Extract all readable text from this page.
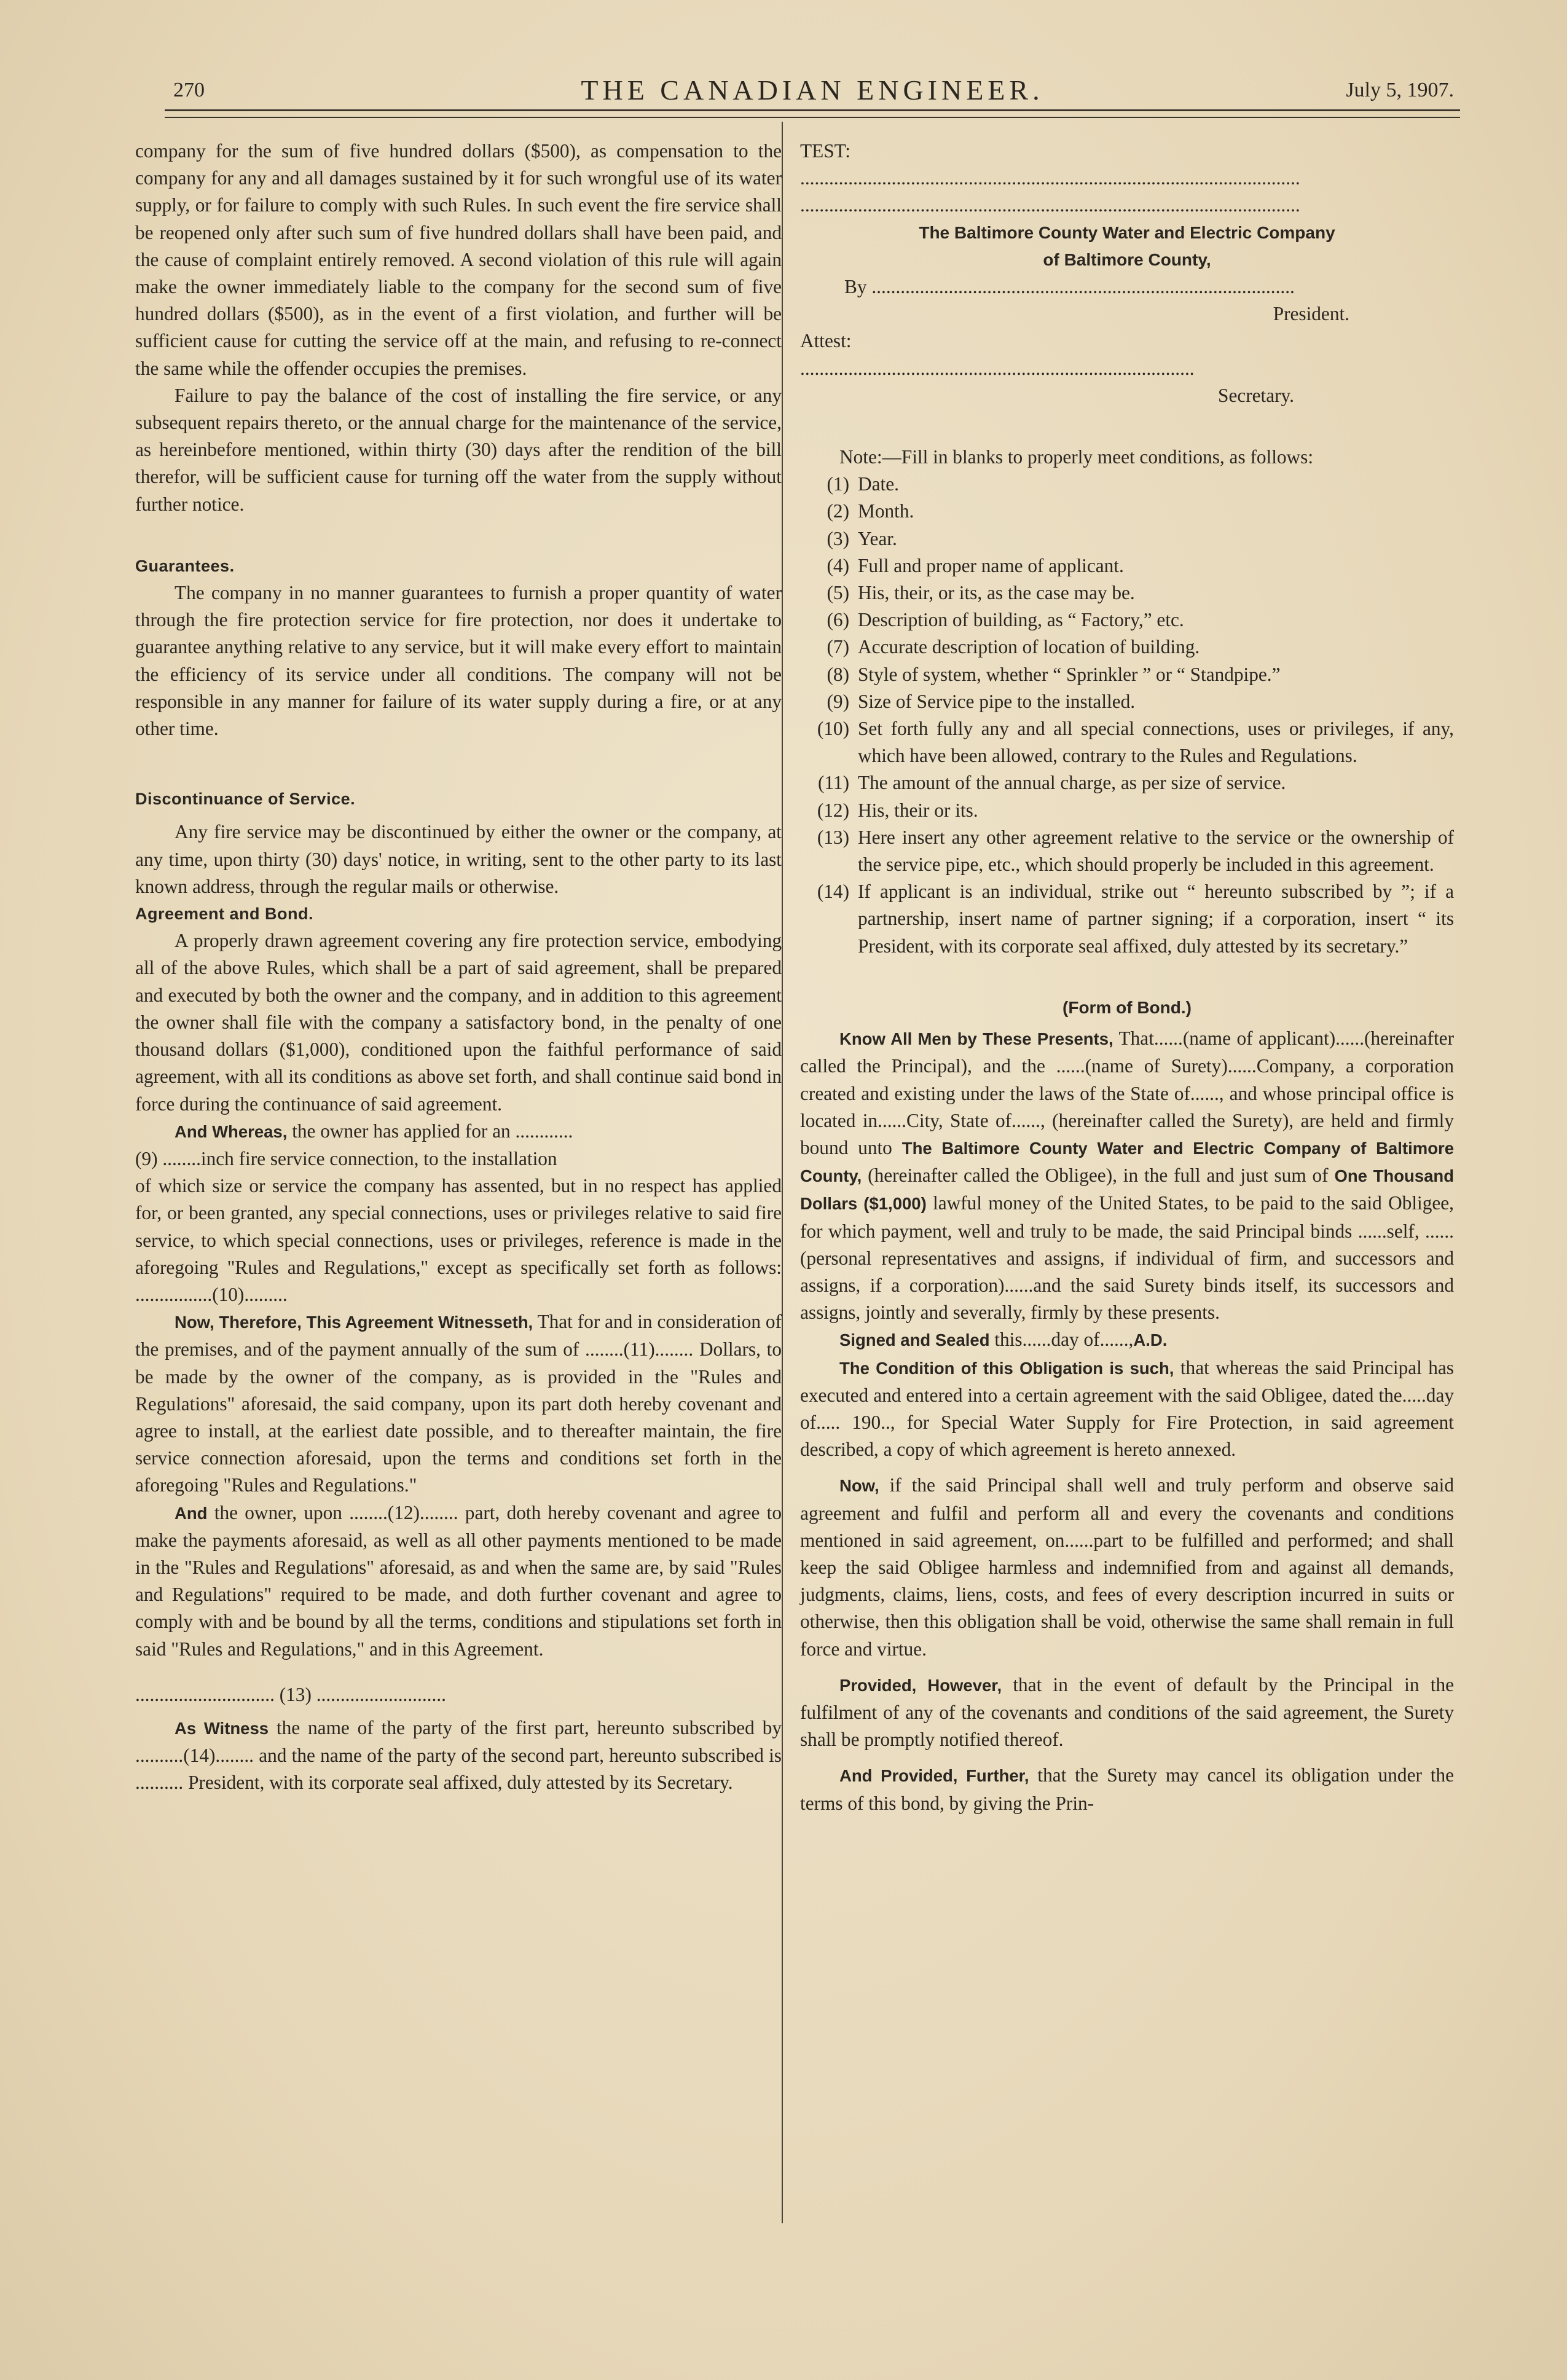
270	THE CANADIAN ENGINEER.	July 5, 1907.

company for the sum of five hundred dollars ($500), as compensation to the company for any and all damages sustained by it for such wrongful use of its water supply, or for failure to comply with such Rules. In such event the fire service shall be reopened only after such sum of five hundred dollars shall have been paid, and the cause of complaint entirely removed. A second violation of this rule will again make the owner immediately liable to the company for the second sum of five hundred dollars ($500), as in the event of a first violation, and further will be sufficient cause for cutting the service off at the main, and refusing to re-connect the same while the offender occupies the premises.

Failure to pay the balance of the cost of installing the fire service, or any subsequent repairs thereto, or the annual charge for the maintenance of the service, as hereinbefore mentioned, within thirty (30) days after the rendition of the bill therefor, will be sufficient cause for turning off the water from the supply without further notice.

Guarantees.

The company in no manner guarantees to furnish a proper quantity of water through the fire protection service for fire protection, nor does it undertake to guarantee anything relative to any service, but it will make every effort to maintain the efficiency of its service under all conditions. The company will not be responsible in any manner for failure of its water supply during a fire, or at any other time.

Discontinuance of Service.

Any fire service may be discontinued by either the owner or the company, at any time, upon thirty (30) days' notice, in writing, sent to the other party to its last known address, through the regular mails or otherwise.

Agreement and Bond.

A properly drawn agreement covering any fire protection service, embodying all of the above Rules, which shall be a part of said agreement, shall be prepared and executed by both the owner and the company, and in addition to this agreement the owner shall file with the company a satisfactory bond, in the penalty of one thousand dollars ($1,000), conditioned upon the faithful performance of said agreement, with all its conditions as above set forth, and shall continue said bond in force during the continuance of said agreement.

And Whereas, the owner has applied for an ............

(9) ........inch fire service connection, to the installation

of which size or service the company has assented, but in no respect has applied for, or been granted, any special connections, uses or privileges relative to said fire service, to which special connections, uses or privileges, reference is made in the aforegoing "Rules and Regulations," except as specifically set forth as follows: ................(10).........

Now, Therefore, This Agreement Witnesseth, That for and in consideration of the premises, and of the payment annually of the sum of ........(11)........ Dollars, to be made by the owner of the company, as is provided in the "Rules and Regulations" aforesaid, the said company, upon its part doth hereby covenant and agree to install, at the earliest date possible, and to thereafter maintain, the fire service connection aforesaid, upon the terms and conditions set forth in the aforegoing "Rules and Regulations."

And the owner, upon ........(12)........ part, doth hereby covenant and agree to make the payments aforesaid, as well as all other payments mentioned to be made in the "Rules and Regulations" aforesaid, as and when the same are, by said "Rules and Regulations" required to be made, and doth further covenant and agree to comply with and be bound by all the terms, conditions and stipulations set forth in said "Rules and Regulations," and in this Agreement.

............................. (13) ...........................

As Witness the name of the party of the first part, hereunto subscribed by ..........(14)........ and the name of the party of the second part, hereunto subscribed is .......... President, with its corporate seal affixed, duly attested by its Secretary.

TEST:

........................................................................................................

........................................................................................................

The Baltimore County Water and Electric Company

of Baltimore County,

By ........................................................................................

President.

Attest:

..................................................................................

Secretary.

Note:—Fill in blanks to properly meet conditions, as follows:

(1) Date.
(2) Month.
(3) Year.
(4) Full and proper name of applicant.
(5) His, their, or its, as the case may be.
(6) Description of building, as “ Factory,” etc.
(7) Accurate description of location of building.
(8) Style of system, whether “ Sprinkler ” or “ Standpipe.”
(9) Size of Service pipe to the installed.
(10) Set forth fully any and all special connections, uses or privileges, if any, which have been allowed, contrary to the Rules and Regulations.
(11) The amount of the annual charge, as per size of service.
(12) His, their or its.
(13) Here insert any other agreement relative to the service or the ownership of the service pipe, etc., which should properly be included in this agreement.
(14) If applicant is an individual, strike out “ hereunto subscribed by ”; if a partnership, insert name of partner signing; if a corporation, insert “ its President, with its corporate seal affixed, duly attested by its secretary.”

(Form of Bond.)

Know All Men by These Presents, That......(name of applicant)......(hereinafter called the Principal), and the ......(name of Surety)......Company, a corporation created and existing under the laws of the State of......, and whose principal office is located in......City, State of......, (hereinafter called the Surety), are held and firmly bound unto The Baltimore County Water and Electric Company of Baltimore County, (hereinafter called the Obligee), in the full and just sum of One Thousand Dollars ($1,000) lawful money of the United States, to be paid to the said Obligee, for which payment, well and truly to be made, the said Principal binds ......self, ......(personal representatives and assigns, if individual of firm, and successors and assigns, if a corporation)......and the said Surety binds itself, its successors and assigns, jointly and severally, firmly by these presents.

Signed and Sealed this......day of......,A.D.

The Condition of this Obligation is such, that whereas the said Principal has executed and entered into a certain agreement with the said Obligee, dated the.....day of..... 190.., for Special Water Supply for Fire Protection, in said agreement described, a copy of which agreement is hereto annexed.

Now, if the said Principal shall well and truly perform and observe said agreement and fulfil and perform all and every the covenants and conditions mentioned in said agreement, on......part to be fulfilled and performed; and shall keep the said Obligee harmless and indemnified from and against all demands, judgments, claims, liens, costs, and fees of every description incurred in suits or otherwise, then this obligation shall be void, otherwise the same shall remain in full force and virtue.

Provided, However, that in the event of default by the Principal in the fulfilment of any of the covenants and conditions of the said agreement, the Surety shall be promptly notified thereof.

And Provided, Further, that the Surety may cancel its obligation under the terms of this bond, by giving the Prin-
